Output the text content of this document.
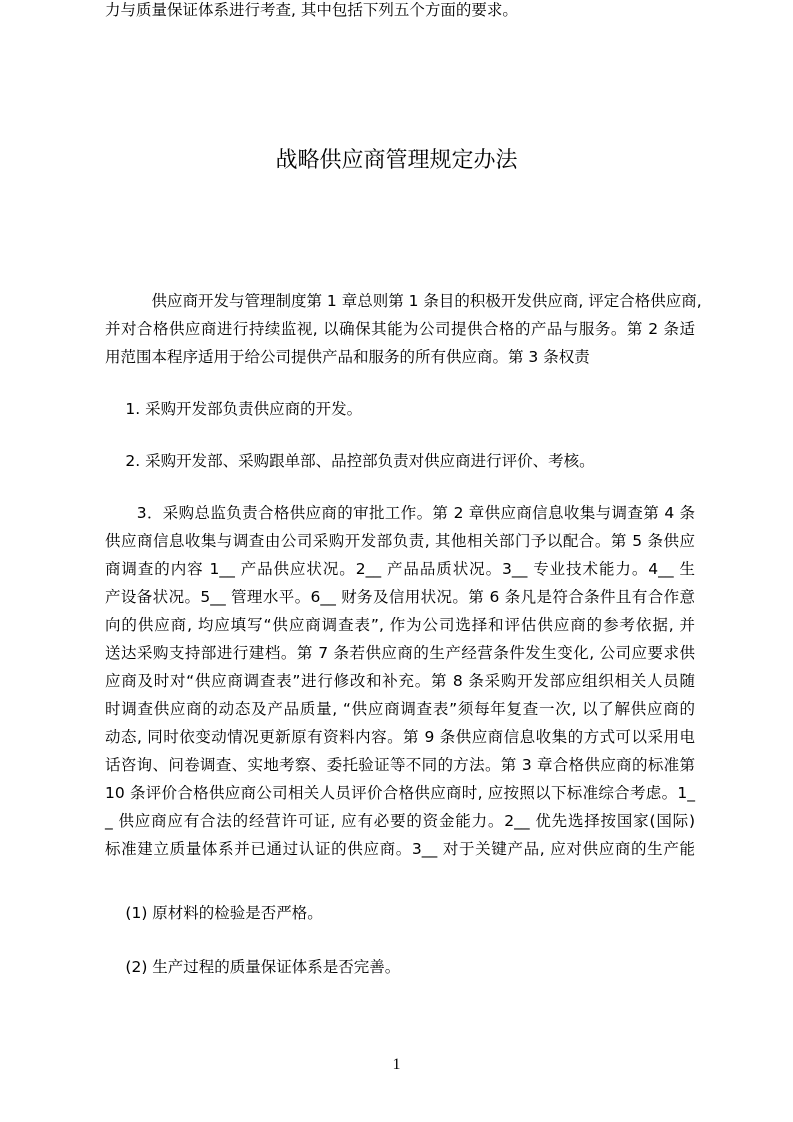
战略供应商管理规定办法
　　　供应商开发与管理制度第 1 章总则第 1 条目的积极开发供应商, 评定合格供应商,
并对合格供应商进行持续监视, 以确保其能为公司提供合格的产品与服务。第 2 条适
用范围本程序适用于给公司提供产品和服务的所有供应商。第 3 条权责
　 1. 采购开发部负责供应商的开发。
　 2. 采购开发部、采购跟单部、品控部负责对供应商进行评价、考核。
　　3．采购总监负责合格供应商的审批工作。第 2 章供应商信息收集与调查第 4 条
供应商信息收集与调查由公司采购开发部负责, 其他相关部门予以配合。第 5 条供应
商调查的内容 1__ 产品供应状况。2__ 产品品质状况。3__ 专业技术能力。4__ 生
产设备状况。5__ 管理水平。6__ 财务及信用状况。第 6 条凡是符合条件且有合作意
向的供应商, 均应填写“供应商调查表”, 作为公司选择和评估供应商的参考依据, 并
送达采购支持部进行建档。第 7 条若供应商的生产经营条件发生变化, 公司应要求供
应商及时对“供应商调查表”进行修改和补充。第 8 条采购开发部应组织相关人员随
时调查供应商的动态及产品质量, “供应商调查表”须每年复查一次, 以了解供应商的
动态, 同时依变动情况更新原有资料内容。第 9 条供应商信息收集的方式可以采用电
话咨询、问卷调查、实地考察、委托验证等不同的方法。第 3 章合格供应商的标准第
10 条评价合格供应商公司相关人员评价合格供应商时, 应按照以下标准综合考虑。1_
_ 供应商应有合法的经营许可证, 应有必要的资金能力。2__ 优先选择按国家(国际)
标准建立质量体系并已通过认证的供应商。3__ 对于关键产品, 应对供应商的生产能
力与质量保证体系进行考查, 其中包括下列五个方面的要求。
　 (1) 原材料的检验是否严格。
　 (2) 生产过程的质量保证体系是否完善。
1
